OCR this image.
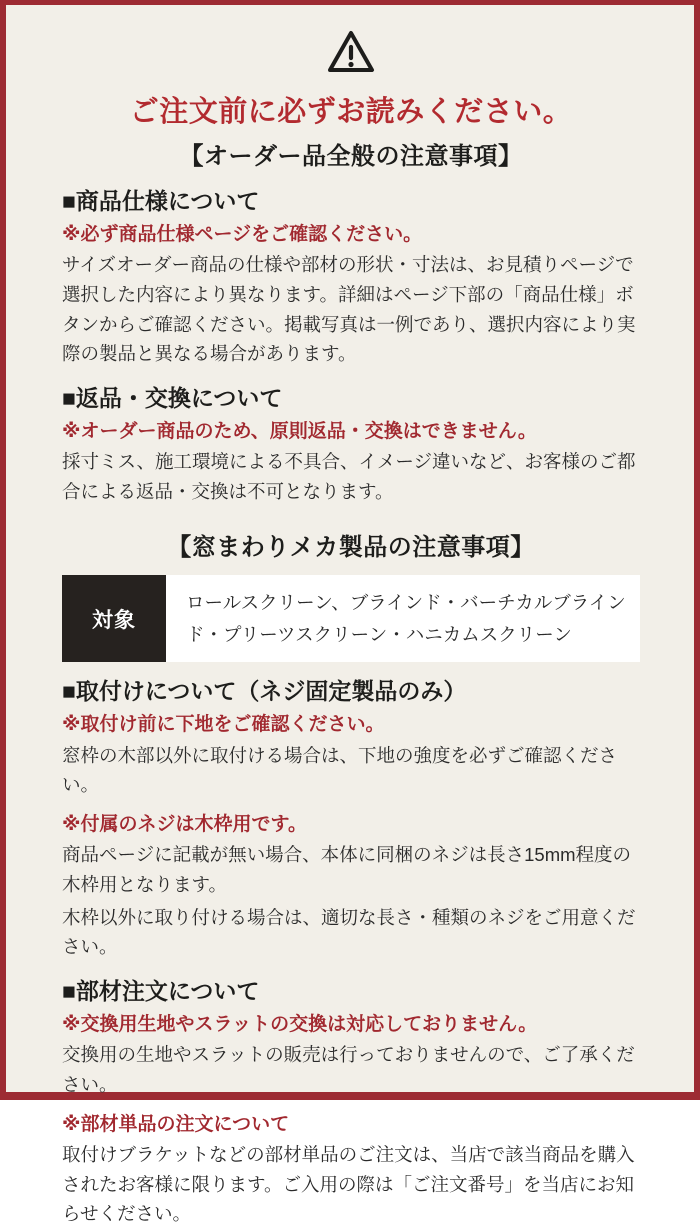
ご注文前に必ずお読みください。
【オーダー品全般の注意事項】
■商品仕様について
※必ず商品仕様ページをご確認ください。
サイズオーダー商品の仕様や部材の形状・寸法は、お見積りページで選択した内容により異なります。詳細はページ下部の「商品仕様」ボタンからご確認ください。掲載写真は一例であり、選択内容により実際の製品と異なる場合があります。
■返品・交換について
※オーダー商品のため、原則返品・交換はできません。
採寸ミス、施工環境による不具合、イメージ違いなど、お客様のご都合による返品・交換は不可となります。
【窓まわりメカ製品の注意事項】
対象
ロールスクリーン、ブラインド・バーチカルブラインド・プリーツスクリーン・ハニカムスクリーン
■取付けについて（ネジ固定製品のみ）
※取付け前に下地をご確認ください。
窓枠の木部以外に取付ける場合は、下地の強度を必ずご確認ください。
※付属のネジは木枠用です。
商品ページに記載が無い場合、本体に同梱のネジは長さ15mm程度の木枠用となります。
木枠以外に取り付ける場合は、適切な長さ・種類のネジをご用意ください。
■部材注文について
※交換用生地やスラットの交換は対応しておりません。
交換用の生地やスラットの販売は行っておりませんので、ご了承ください。
※部材単品の注文について
取付けブラケットなどの部材単品のご注文は、当店で該当商品を購入されたお客様に限ります。ご入用の際は「ご注文番号」を当店にお知らせください。
